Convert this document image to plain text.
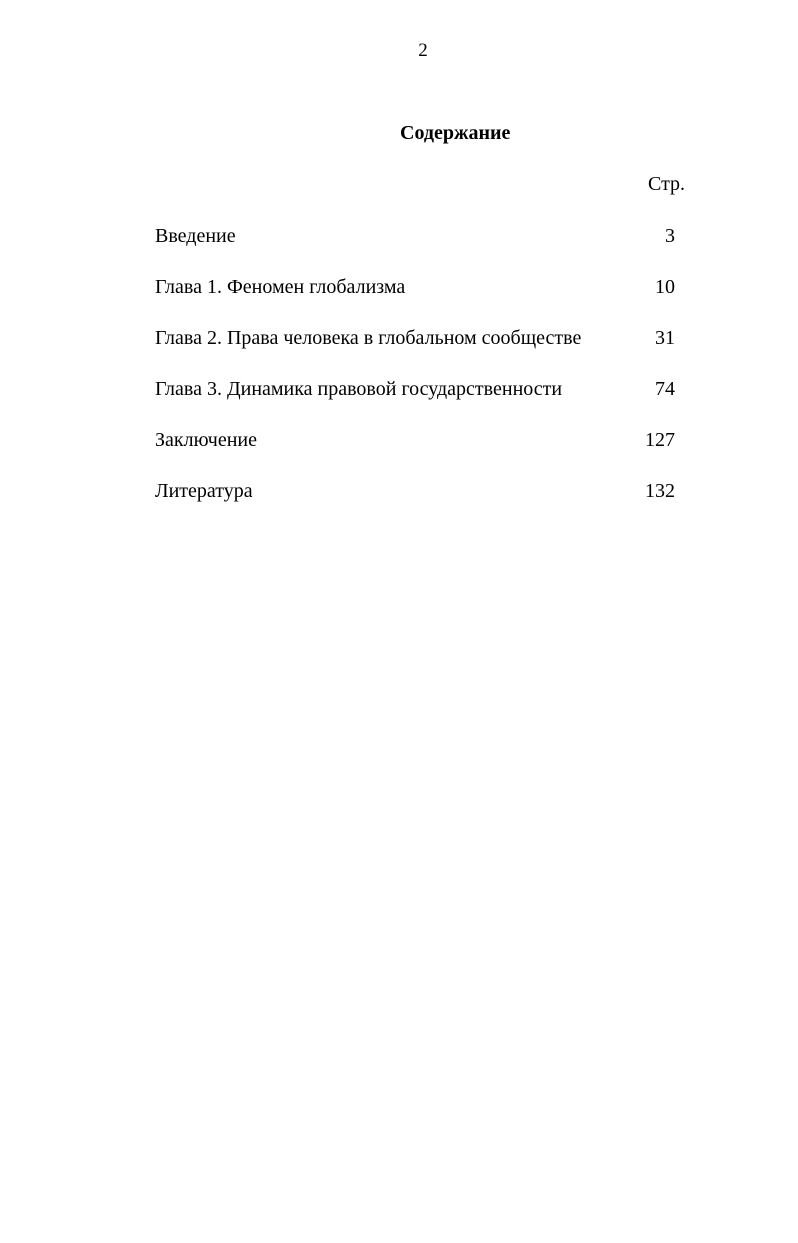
2
Содержание
Стр.
Введение	3
Глава 1. Феномен глобализма	10
Глава 2. Права человека в глобальном сообществе	31
Глава 3. Динамика правовой государственности	74
Заключение	127
Литература	132
